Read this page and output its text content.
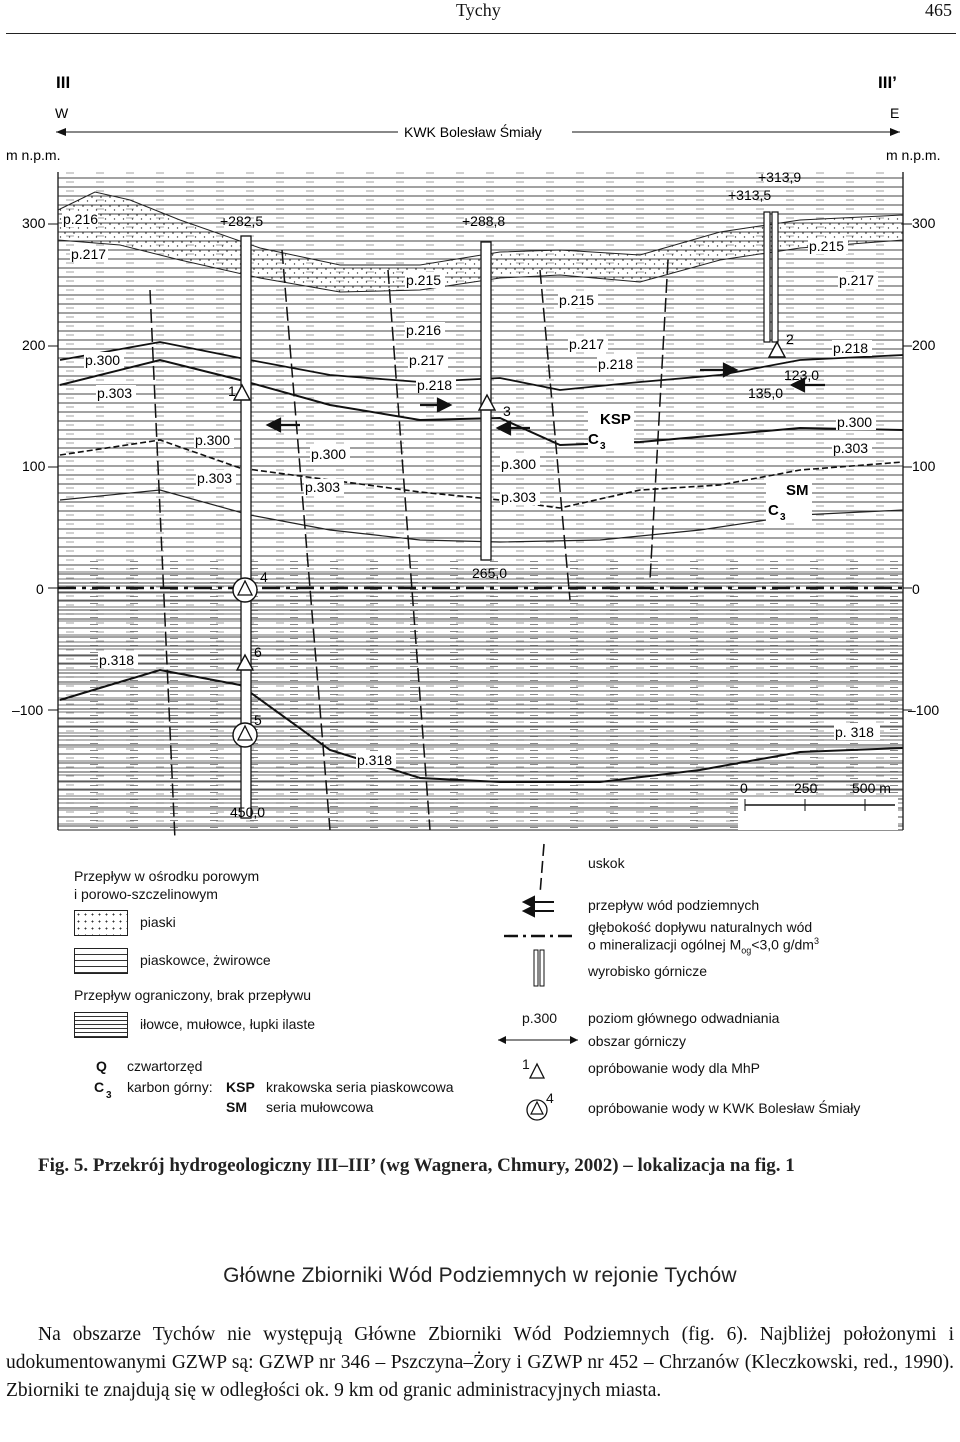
Tychy	465
III	III’
W	E
KWK Bolesław Śmiały
m n.p.m.	m n.p.m.
300
200
100
0
–100
300
200
100
0
–100
+282,5	+288,8
+313,9
+313,5
265,0
450,0
123,0
135,0
1
2
3
4
5
6
p.216
p.217
p.215
p.216
p.217
p.218
p.215
p.217
p.218
p.215
p.217
p.218
p.300
p.303
p.300
p.303
p.300
p.303
p.300
p.303
p.300
p.303
p.318
p.318
p. 318
KSP
C 3
SM
C 3
0	250 500 m
Przepływ w ośrodku porowym
i porowo-szczelinowym
piaski
piaskowce, żwirowce
Przepływ ograniczony, brak przepływu
iłowce, mułowce, łupki ilaste
Q czwartorzęd
C
3
karbon górny: KSP krakowska seria piaskowcowa
SM seria mułowcowa
p.300
1
4
uskok
przepływ wód podziemnych
głębokość dopływu naturalnych wód
o mineralizacji ogólnej $M_{og}<3,0$ $g/dm^3$
wyrobisko górnicze
poziom głównego odwadniania
obszar górniczy
opróbowanie wody dla MhP
opróbowanie wody w KWK Bolesław Śmiały
Fig. 5. Przekrój hydrogeologiczny III–III’ (wg Wagnera, Chmury, 2002) – lokalizacja na fig. 1
Główne Zbiorniki Wód Podziemnych w rejonie Tychów
Na obszarze Tychów nie występują Główne Zbiorniki Wód Podziemnych (fig. 6). Najbliżej położonymi i udokumentowanymi GZWP są: GZWP nr 346 – Pszczyna–Żory i GZWP nr 452 – Chrzanów (Kleczkowski, red., 1990). Zbiorniki te znajdują się w odległości ok. 9 km od granic administracyjnych miasta.
